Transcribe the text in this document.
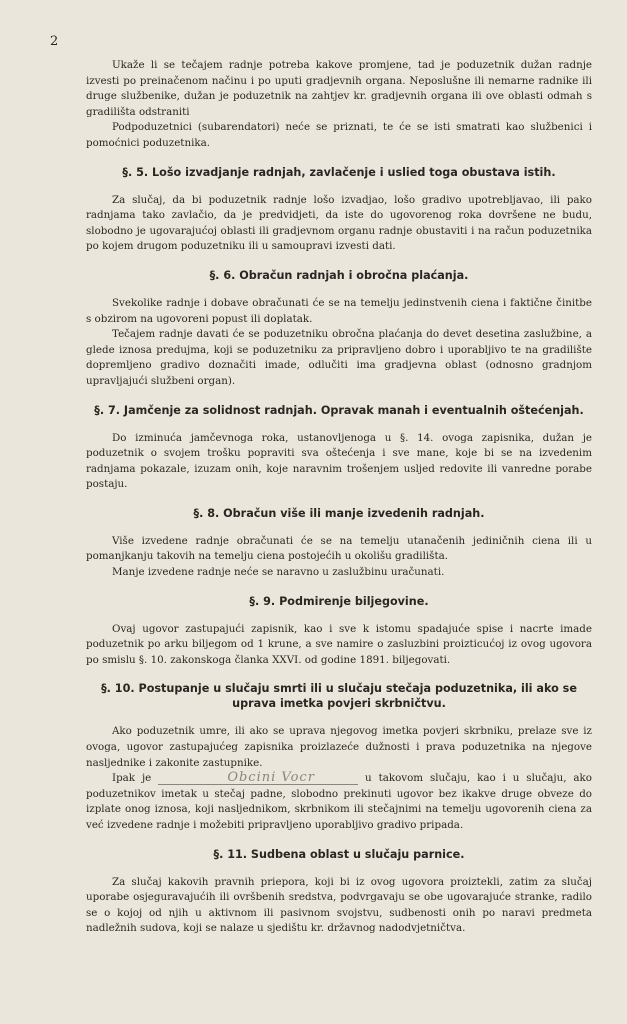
2

Ukaže li se tečajem radnje potreba kakove promjene, tad je poduzetnik dužan radnje izvesti po preinačenom načinu i po uputi gradjevnih organa. Neposlušne ili nemarne radnike ili druge službenike, dužan je poduzetnik na zahtjev kr. gradjevnih organa ili ove oblasti odmah s gradilišta odstraniti

Podpoduzetnici (subarendatori) neće se priznati, te će se isti smatrati kao službenici i pomoćnici poduzetnika.

§. 5. Lošo izvadjanje radnjah, zavlačenje i uslied toga obustava istih.

Za slučaj, da bi poduzetnik radnje lošo izvadjao, lošo gradivo upotrebljavao, ili pako radnjama tako zavlačio, da je predvidjeti, da iste do ugovorenog roka dovršene ne budu, slobodno je ugovarajućoj oblasti ili gradjevnom organu radnje obustaviti i na račun poduzetnika po kojem drugom poduzetniku ili u samoupravi izvesti dati.

§. 6. Obračun radnjah i obročna plaćanja.

Svekolike radnje i dobave obračunati će se na temelju jedinstvenih ciena i faktične činitbe s obzirom na ugovoreni popust ili doplatak.

Tečajem radnje davati će se poduzetniku obročna plaćanja do devet desetina zaslužbine, a glede iznosa predujma, koji se poduzetniku za pripravljeno dobro i uporabljivo te na gradilište dopremljeno gradivo doznačiti imade, odlučiti ima gradjevna oblast (odnosno gradnjom upravljajući službeni organ).

§. 7. Jamčenje za solidnost radnjah. Opravak manah i eventualnih oštećenjah.

Do izminuća jamčevnoga roka, ustanovljenoga u §. 14. ovoga zapisnika, dužan je poduzetnik o svojem trošku popraviti sva oštećenja i sve mane, koje bi se na izvedenim radnjama pokazale, izuzam onih, koje naravnim trošenjem usljed redovite ili vanredne porabe postaju.

§. 8. Obračun više ili manje izvedenih radnjah.

Više izvedene radnje obračunati će se na temelju utanačenih jediničnih ciena ili u pomanjkanju takovih na temelju ciena postojećih u okolišu gradilišta.

Manje izvedene radnje neće se naravno u zaslužbinu uračunati.

§. 9. Podmirenje biljegovine.

Ovaj ugovor zastupajući zapisnik, kao i sve k istomu spadajuće spise i nacrte imade poduzetnik po arku biljegom od 1 krune, a sve namire o zasluzbini proizticućoj iz ovog ugovora po smislu §. 10. zakonskoga članka XXVI. od godine 1891. biljegovati.

§. 10. Postupanje u slučaju smrti ili u slučaju stečaja poduzetnika, ili ako se uprava imetka povjeri skrbničtvu.

Ako poduzetnik umre, ili ako se uprava njegovog imetka povjeri skrbniku, prelaze sve iz ovoga, ugovor zastupajućeg zapisnika proizlazeće dužnosti i prava poduzetnika na njegove nasljednike i zakonite zastupnike.

Ipak je	Obcini Vocr	u takovom slučaju, kao i u slučaju, ako poduzetnikov imetak u stečaj padne, slobodno prekinuti ugovor bez ikakve druge obveze do izplate onog iznosa, koji nasljednikom, skrbnikom ili stečajnimi na temelju ugovorenih ciena za već izvedene radnje i možebiti pripravljeno uporabljivo gradivo pripada.

§. 11. Sudbena oblast u slučaju parnice.

Za slučaj kakovih pravnih priepora, koji bi iz ovog ugovora proiztekli, zatim za slučaj uporabe osjeguravajućih ili ovršbenih sredstva, podvrgavaju se obe ugovarajuće stranke, radilo se o kojoj od njih u aktivnom ili pasivnom svojstvu, sudbenosti onih po naravi predmeta nadležnih sudova, koji se nalaze u sjedištu kr. državnog nadodvjetničtva.
